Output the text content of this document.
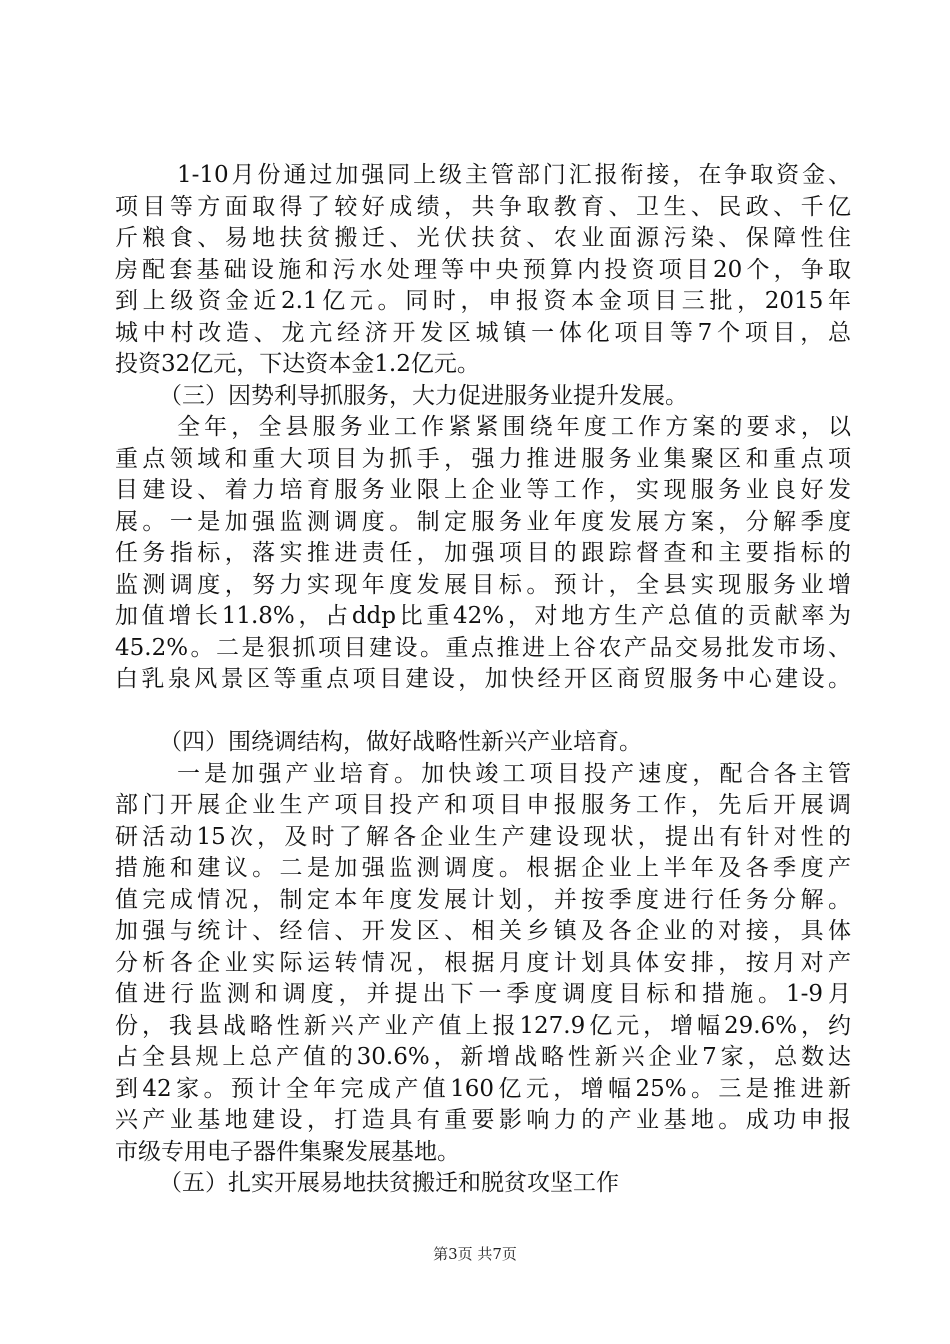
1-10月份通过加强同上级主管部门汇报衔接，在争取资金、
项目等方面取得了较好成绩，共争取教育、卫生、民政、千亿
斤粮食、易地扶贫搬迁、光伏扶贫、农业面源污染、保障性住
房配套基础设施和污水处理等中央预算内投资项目20个，争取
到上级资金近2.1亿元。同时，申报资本金项目三批，2015年
城中村改造、龙亢经济开发区城镇一体化项目等7个项目，总
投资32亿元，下达资本金1.2亿元。
（三）因势利导抓服务，大力促进服务业提升发展。
全年，全县服务业工作紧紧围绕年度工作方案的要求，以
重点领域和重大项目为抓手，强力推进服务业集聚区和重点项
目建设、着力培育服务业限上企业等工作，实现服务业良好发
展。一是加强监测调度。制定服务业年度发展方案，分解季度
任务指标，落实推进责任，加强项目的跟踪督查和主要指标的
监测调度，努力实现年度发展目标。预计，全县实现服务业增
加值增长11.8%，占ddp比重42%，对地方生产总值的贡献率为
45.2%。二是狠抓项目建设。重点推进上谷农产品交易批发市场、
白乳泉风景区等重点项目建设，加快经开区商贸服务中心建设。
（四）围绕调结构，做好战略性新兴产业培育。
一是加强产业培育。加快竣工项目投产速度，配合各主管
部门开展企业生产项目投产和项目申报服务工作，先后开展调
研活动15次，及时了解各企业生产建设现状，提出有针对性的
措施和建议。二是加强监测调度。根据企业上半年及各季度产
值完成情况，制定本年度发展计划，并按季度进行任务分解。
加强与统计、经信、开发区、相关乡镇及各企业的对接，具体
分析各企业实际运转情况，根据月度计划具体安排，按月对产
值进行监测和调度，并提出下一季度调度目标和措施。1-9月
份，我县战略性新兴产业产值上报127.9亿元，增幅29.6%，约
占全县规上总产值的30.6%，新增战略性新兴企业7家，总数达
到42家。预计全年完成产值160亿元，增幅25%。三是推进新
兴产业基地建设，打造具有重要影响力的产业基地。成功申报
市级专用电子器件集聚发展基地。
（五）扎实开展易地扶贫搬迁和脱贫攻坚工作
第3页 共7页
